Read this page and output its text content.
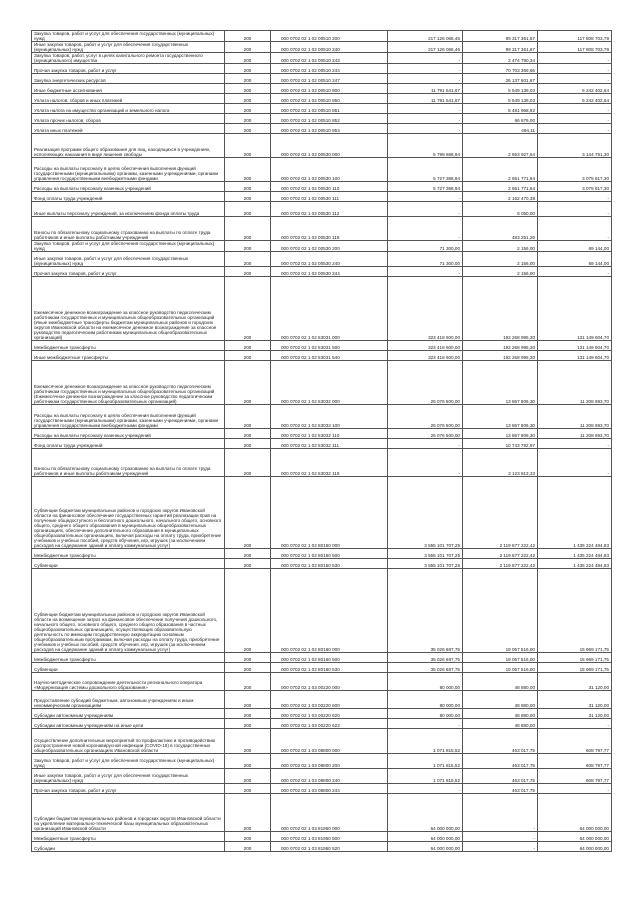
Закупка товаров, работ и услуг для обеспечения государственных (муниципальных) нужд	200	000 0702 02 1 02 00510 200	217 126 066,46	99 317 361,67	117 808 703,79
Иные закупки товаров, работ и услуг для обеспечения государственных (муниципальных) нужд	200	000 0702 02 1 02 00510 240	217 126 066,46	99 317 361,67	117 808 703,79
Закупка товаров, работ, услуг в целях капитального ремонта государственного (муниципального) имущества	200	000 0702 02 1 02 00510 243	-	2 474 790,34	-
Прочая закупка товаров, работ и услуг	200	000 0702 02 1 02 00510 244	-	70 703 369,66	-
Закупка энергетических ресурсов	200	000 0702 02 1 02 00510 247	-	26 137 601,67	-
Иные бюджетные ассигнования	200	000 0702 02 1 02 00510 800	11 791 541,67	5 549 139,03	6 242 402,64
Уплата налогов, сборов и иных платежей	200	000 0702 02 1 02 00510 850	11 791 541,67	5 549 139,03	6 242 402,64
Уплата налога на имущество организаций и земельного налога	200	000 0702 02 1 02 00510 851	-	5 481 968,92	-
Уплата прочих налогов, сборов	200	000 0702 02 1 02 00510 852	-	66 676,00	-
Уплата иных платежей	200	000 0702 02 1 02 00510 853	-	494,11	-
Реализация программ общего образования для лиц, находящихся в учреждениях, исполняющих наказания в виде лишения свободы	200	000 0702 02 1 02 00530 000	5 798 668,94	2 653 927,64	3 144 751,30
Расходы на выплаты персоналу в целях обеспечения выполнения функций государственными (муниципальными) органами, казенными учреждениями, органами управления государственными внебюджетными фондами	200	000 0702 02 1 02 00530 100	5 727 368,94	2 651 771,64	3 075 617,30
Расходы на выплаты персоналу казенных учреждений	200	000 0702 02 1 02 00530 110	5 727 368,94	2 651 771,64	3 075 617,30
Фонд оплаты труда учреждений	200	000 0702 02 1 02 00530 111	-	2 162 470,38	-
Иные выплаты персоналу учреждений, за исключением фонда оплаты труда	200	000 0702 02 1 02 00530 112	-	6 050,00	-
Взносы по обязательному социальному страхованию на выплаты по оплате труда работников и иные выплаты работникам учреждений	200	000 0702 02 1 02 00530 119	-	483 251,26	-
Закупка товаров, работ и услуг для обеспечения государственных (муниципальных) нужд	200	000 0702 02 1 02 00530 200	71 300,00	2 156,00	69 144,00
Иные закупки товаров, работ и услуг для обеспечения государственных (муниципальных) нужд	200	000 0702 02 1 02 00530 240	71 300,00	2 156,00	69 144,00
Прочая закупка товаров, работ и услуг	200	000 0702 02 1 02 00530 244	-	2 156,00	-
Ежемесячное денежное вознаграждение за классное руководство педагогическим работникам государственных и муниципальных общеобразовательных организаций (Иные межбюджетные трансферты бюджетам муниципальных районов и городских округов Ивановской области на ежемесячное денежное вознаграждение за классное руководство педагогическим работникам муниципальных общеобразовательных организаций)	200	000 0702 02 1 02 53031 000	323 418 600,00	192 268 995,30	131 149 604,70
Межбюджетные трансферты	200	000 0702 02 1 02 53031 500	323 418 600,00	192 268 995,30	131 149 604,70
Иные межбюджетные трансферты	200	000 0702 02 1 02 53031 540	323 418 600,00	192 268 995,30	131 149 604,70
Ежемесячное денежное вознаграждение за классное руководство педагогическим работникам государственных и муниципальных общеобразовательных организаций (Ежемесячное денежное вознаграждение за классное руководство педагогическим работникам государственных общеобразовательных организаций)	200	000 0702 02 1 02 53032 000	25 076 500,00	13 867 806,30	11 208 693,70
Расходы на выплаты персоналу в целях обеспечения выполнения функций государственными (муниципальными) органами, казенными учреждениями, органами управления государственными внебюджетными фондами	200	000 0702 02 1 02 53032 100	25 076 500,00	13 867 806,30	11 208 693,70
Расходы на выплаты персоналу казенных учреждений	200	000 0702 02 1 02 53032 110	25 076 500,00	13 867 806,30	11 208 693,70
Фонд оплаты труда учреждений	200	000 0702 02 1 02 53032 111	-	10 743 792,97	-
Взносы по обязательному социальному страхованию на выплаты по оплате труда работников и иные выплаты работникам учреждений	200	000 0702 02 1 02 53032 119	-	3 123 813,33	-
Субвенции бюджетам муниципальных районов и городских округов Ивановской области на финансовое обеспечение государственных гарантий реализации прав на получение общедоступного и бесплатного дошкольного, начального общего, основного общего, среднего общего образования в муниципальных общеобразовательных организациях, обеспечение дополнительного образования в муниципальных общеобразовательных организациях, включая расходы на оплату труда, приобретение учебников и учебных пособий, средств обучения, игр, игрушек (за исключением расходов на содержание зданий и оплату коммунальных услуг)	200	000 0702 02 1 02 80150 000	3 555 101 707,25	2 119 877 222,42	1 435 224 484,83
Межбюджетные трансферты	200	000 0702 02 1 02 80150 500	3 555 101 707,25	2 119 877 222,42	1 435 224 484,83
Субвенции	200	000 0702 02 1 02 80150 530	3 555 101 707,25	2 119 877 222,42	1 435 224 484,83
Субвенции бюджетам муниципальных районов и городских округов Ивановской области на возмещение затрат на финансовое обеспечение получения дошкольного, начального общего, основного общего, среднего общего образования в частных общеобразовательных организациях, осуществляющих образовательную деятельность по имеющим государственную аккредитацию основным общеобразовательным программам, включая расходы на оплату труда, приобретение учебников и учебных пособий, средств обучения, игр, игрушек (за исключением расходов на содержание зданий и оплату коммунальных услуг)	200	000 0702 02 1 02 80160 000	35 026 687,75	19 057 516,00	15 969 171,75
Межбюджетные трансферты	200	000 0702 02 1 02 80160 500	35 026 687,75	19 057 516,00	15 969 171,75
Субвенции	200	000 0702 02 1 02 80160 530	35 026 687,75	19 057 516,00	15 969 171,75
Научно-методическое сопровождение деятельности регионального оператора «Модернизация системы дошкольного образования»	200	000 0702 02 1 03 00220 000	80 000,00	48 880,00	31 120,00
Предоставление субсидий бюджетным, автономным учреждениям и иным некоммерческим организациям	200	000 0702 02 1 03 00220 600	80 000,00	48 880,00	31 120,00
Субсидии автономным учреждениям	200	000 0702 02 1 03 00220 620	80 000,00	48 880,00	31 120,00
Субсидии автономным учреждениям на иные цели	200	000 0702 02 1 03 00220 622	-	48 880,00	-
Осуществление дополнительных мероприятий по профилактике и противодействию распространения новой коронавирусной инфекции (COVID-19) в государственных общеобразовательных организациях Ивановской области	200	000 0702 02 1 03 08800 000	1 071 815,52	463 017,75	608 797,77
Закупка товаров, работ и услуг для обеспечения государственных (муниципальных) нужд	200	000 0702 02 1 03 08800 200	1 071 815,52	463 017,75	608 797,77
Иные закупки товаров, работ и услуг для обеспечения государственных (муниципальных) нужд	200	000 0702 02 1 03 08800 240	1 071 815,52	463 017,75	608 797,77
Прочая закупка товаров, работ и услуг	200	000 0702 02 1 03 08800 244	-	463 017,75	-
Субсидии бюджетам муниципальных районов и городских округов Ивановской области на укрепление материально-технической базы муниципальных образовательных организаций Ивановской области	200	000 0702 02 1 03 81950 000	64 000 000,00	-	64 000 000,00
Межбюджетные трансферты	200	000 0702 02 1 03 81950 500	64 000 000,00	-	64 000 000,00
Субсидии	200	000 0702 02 1 03 81950 520	64 000 000,00	-	64 000 000,00
